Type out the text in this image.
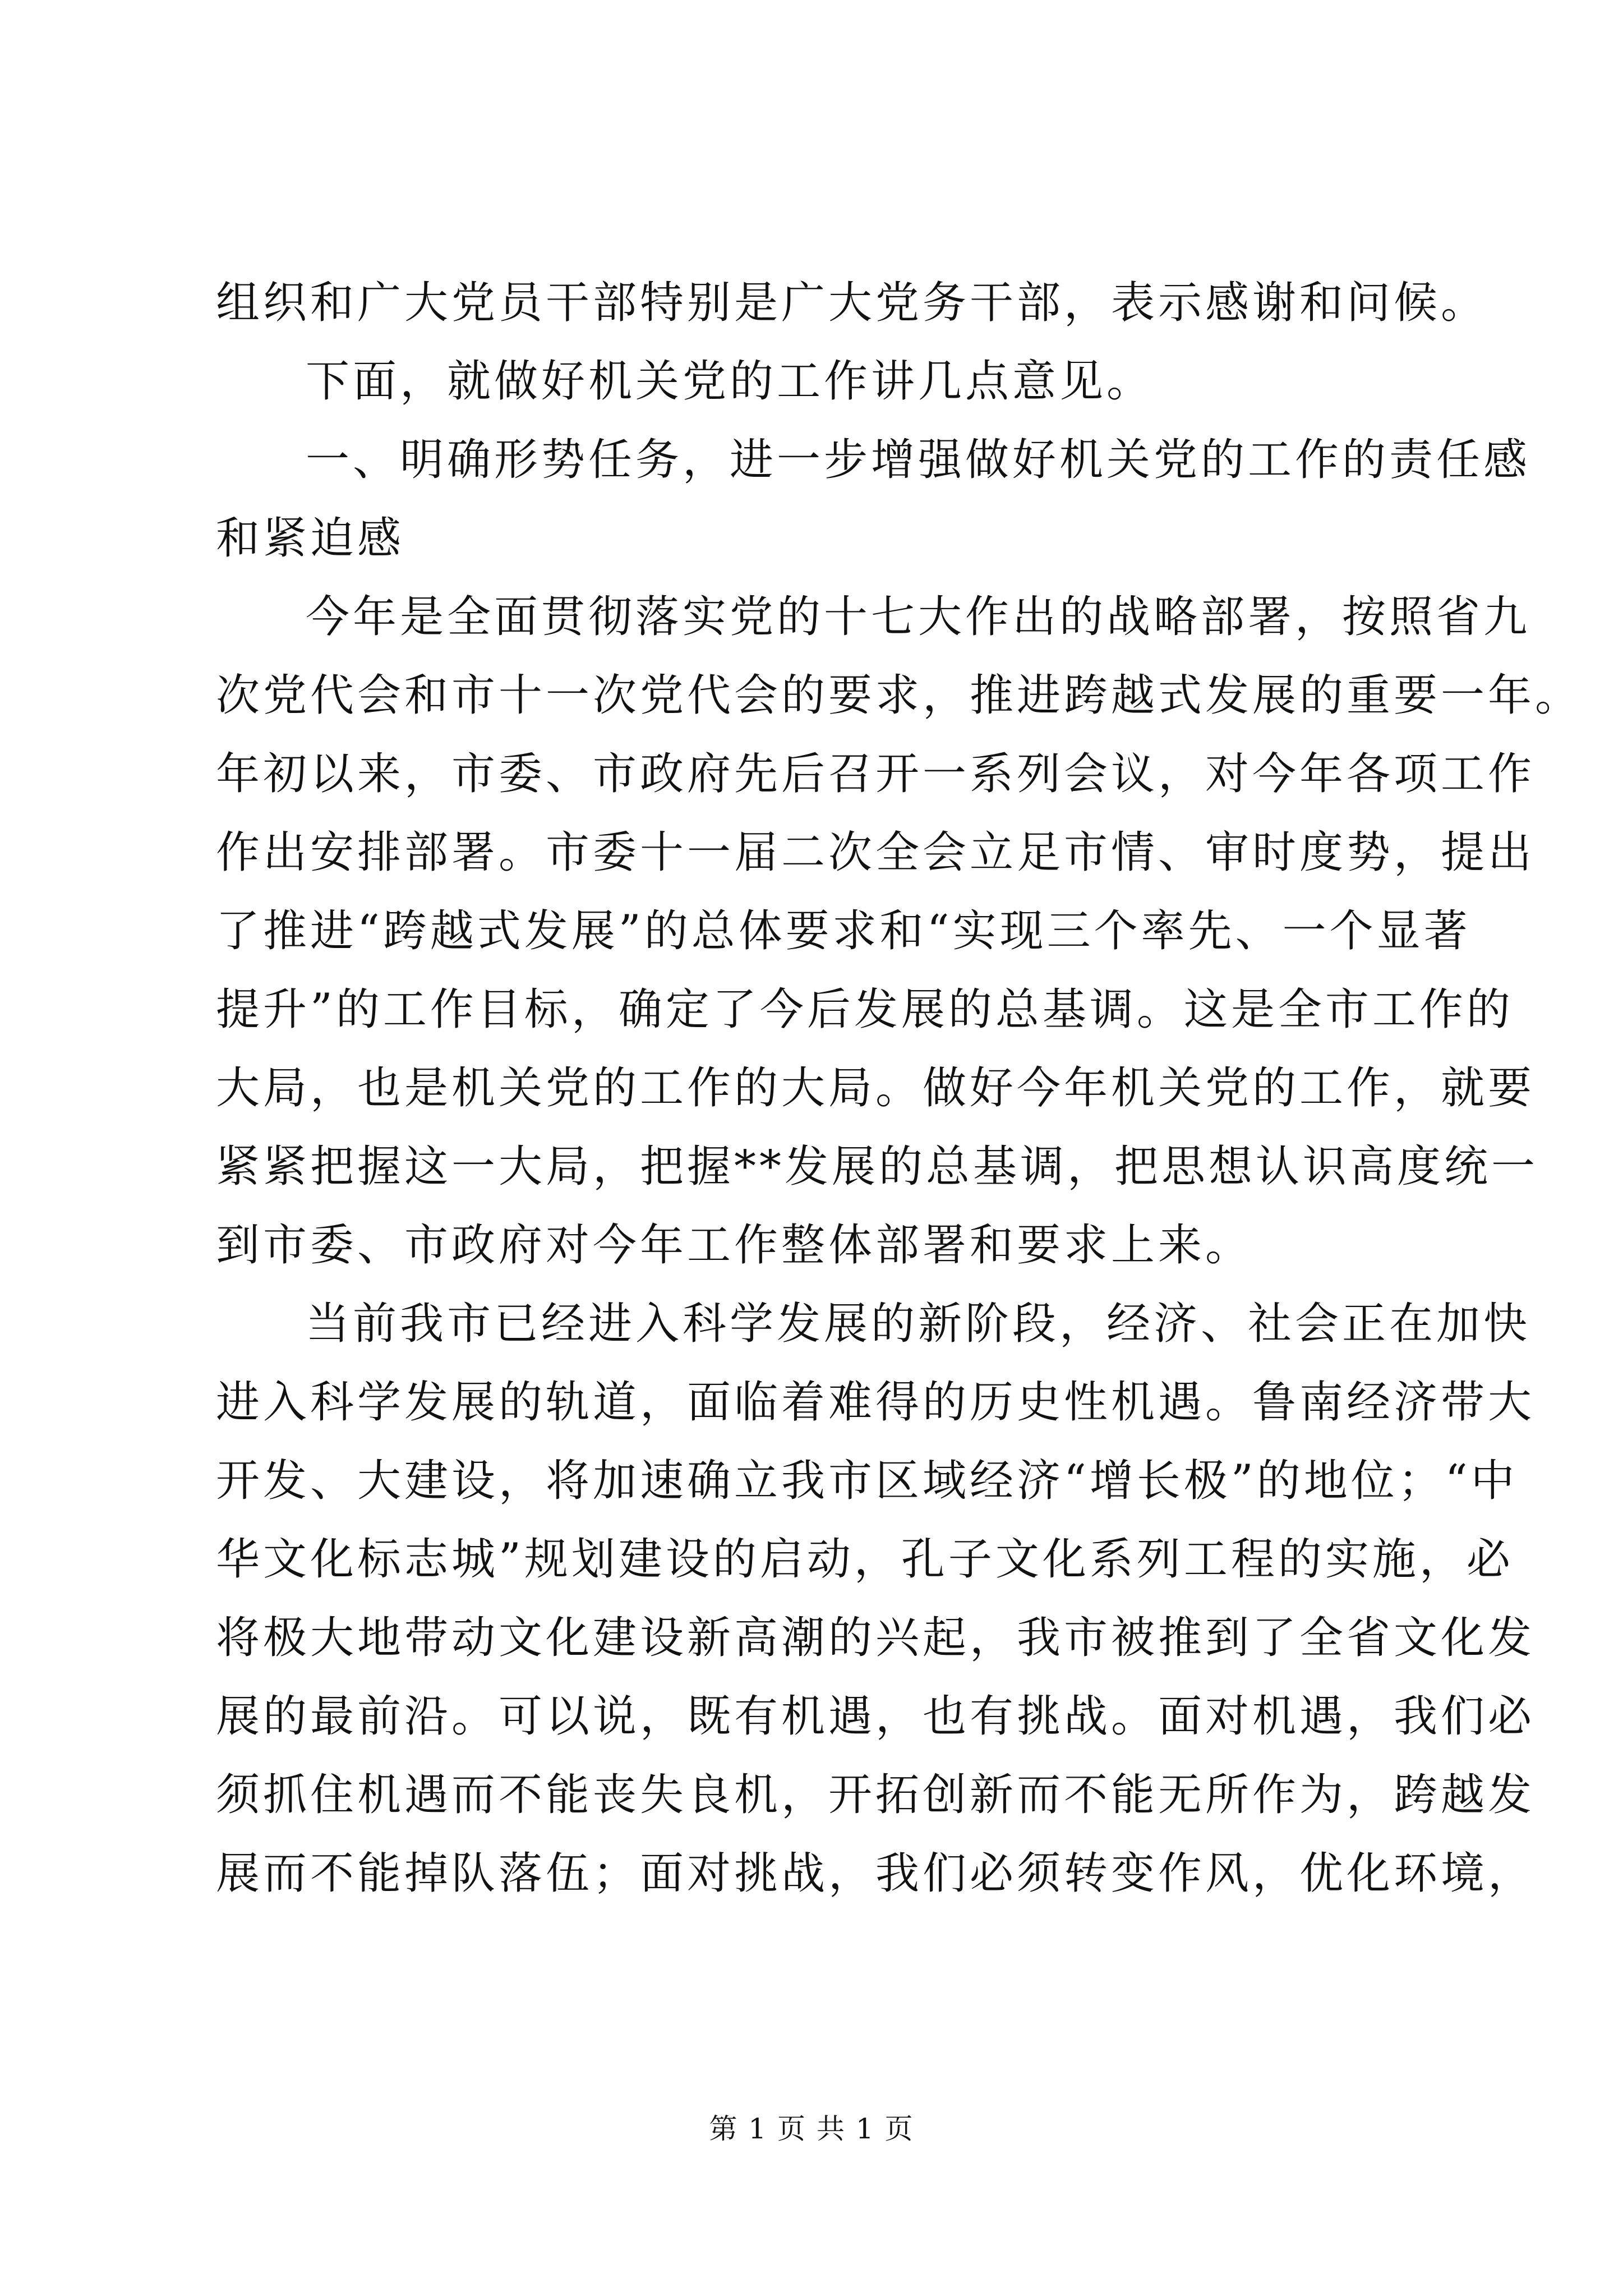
组织和广大党员干部特别是广大党务干部，表示感谢和问候。
下面，就做好机关党的工作讲几点意见。
一、明确形势任务，进一步增强做好机关党的工作的责任感
和紧迫感
今年是全面贯彻落实党的十七大作出的战略部署，按照省九
次党代会和市十一次党代会的要求，推进跨越式发展的重要一年。
年初以来，市委、市政府先后召开一系列会议，对今年各项工作
作出安排部署。市委十一届二次全会立足市情、审时度势，提出
了推进“跨越式发展”的总体要求和“实现三个率先、一个显著
提升”的工作目标，确定了今后发展的总基调。这是全市工作的
大局，也是机关党的工作的大局。做好今年机关党的工作，就要
紧紧把握这一大局，把握**发展的总基调，把思想认识高度统一
到市委、市政府对今年工作整体部署和要求上来。
当前我市已经进入科学发展的新阶段，经济、社会正在加快
进入科学发展的轨道，面临着难得的历史性机遇。鲁南经济带大
开发、大建设，将加速确立我市区域经济“增长极”的地位；“中
华文化标志城”规划建设的启动，孔子文化系列工程的实施，必
将极大地带动文化建设新高潮的兴起，我市被推到了全省文化发
展的最前沿。可以说，既有机遇，也有挑战。面对机遇，我们必
须抓住机遇而不能丧失良机，开拓创新而不能无所作为，跨越发
展而不能掉队落伍；面对挑战，我们必须转变作风，优化环境，
第 1 页 共 1 页
